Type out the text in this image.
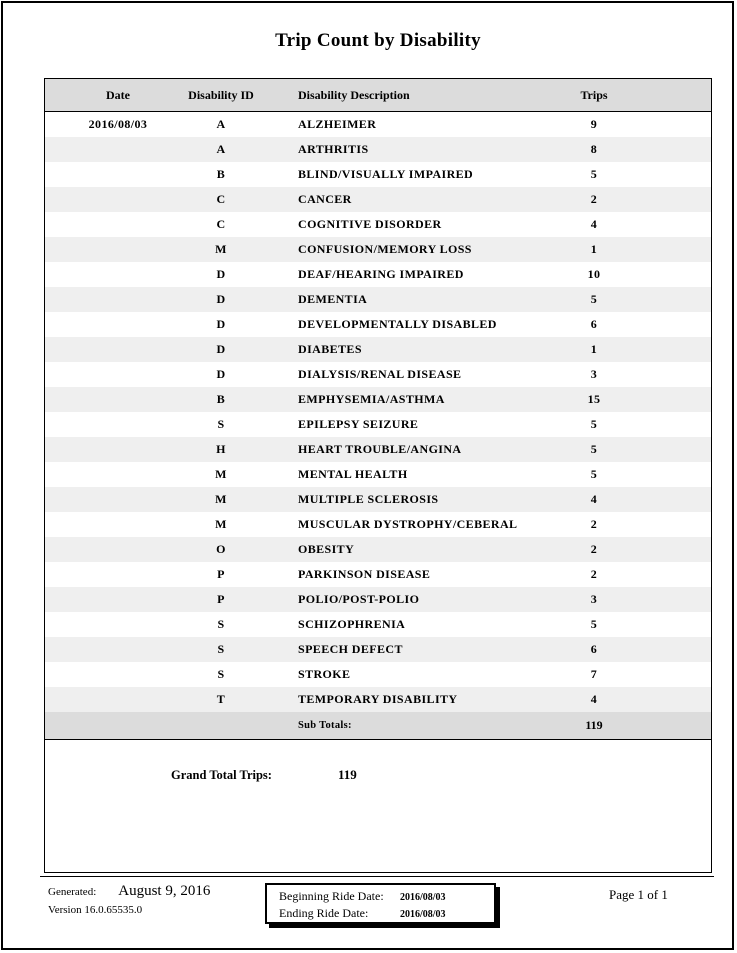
Trip Count by Disability
Date	Disability ID	Disability Description	Trips
2016/08/03	A	ALZHEIMER	9
A	ARTHRITIS	8
B	BLIND/VISUALLY IMPAIRED	5
C	CANCER	2
C	COGNITIVE DISORDER	4
M	CONFUSION/MEMORY LOSS	1
D	DEAF/HEARING IMPAIRED	10
D	DEMENTIA	5
D	DEVELOPMENTALLY DISABLED	6
D	DIABETES	1
D	DIALYSIS/RENAL DISEASE	3
B	EMPHYSEMIA/ASTHMA	15
S	EPILEPSY SEIZURE	5
H	HEART TROUBLE/ANGINA	5
M	MENTAL HEALTH	5
M	MULTIPLE SCLEROSIS	4
M	MUSCULAR DYSTROPHY/CEBERAL	2
O	OBESITY	2
P	PARKINSON DISEASE	2
P	POLIO/POST-POLIO	3
S	SCHIZOPHRENIA	5
S	SPEECH DEFECT	6
S	STROKE	7
T	TEMPORARY DISABILITY	4
Sub Totals:	119
Grand Total Trips:	119
Generated: August 9, 2016
Version 16.0.65535.0
Beginning Ride Date: 2016/08/03
Ending Ride Date:	2016/08/03
Page 1 of 1
